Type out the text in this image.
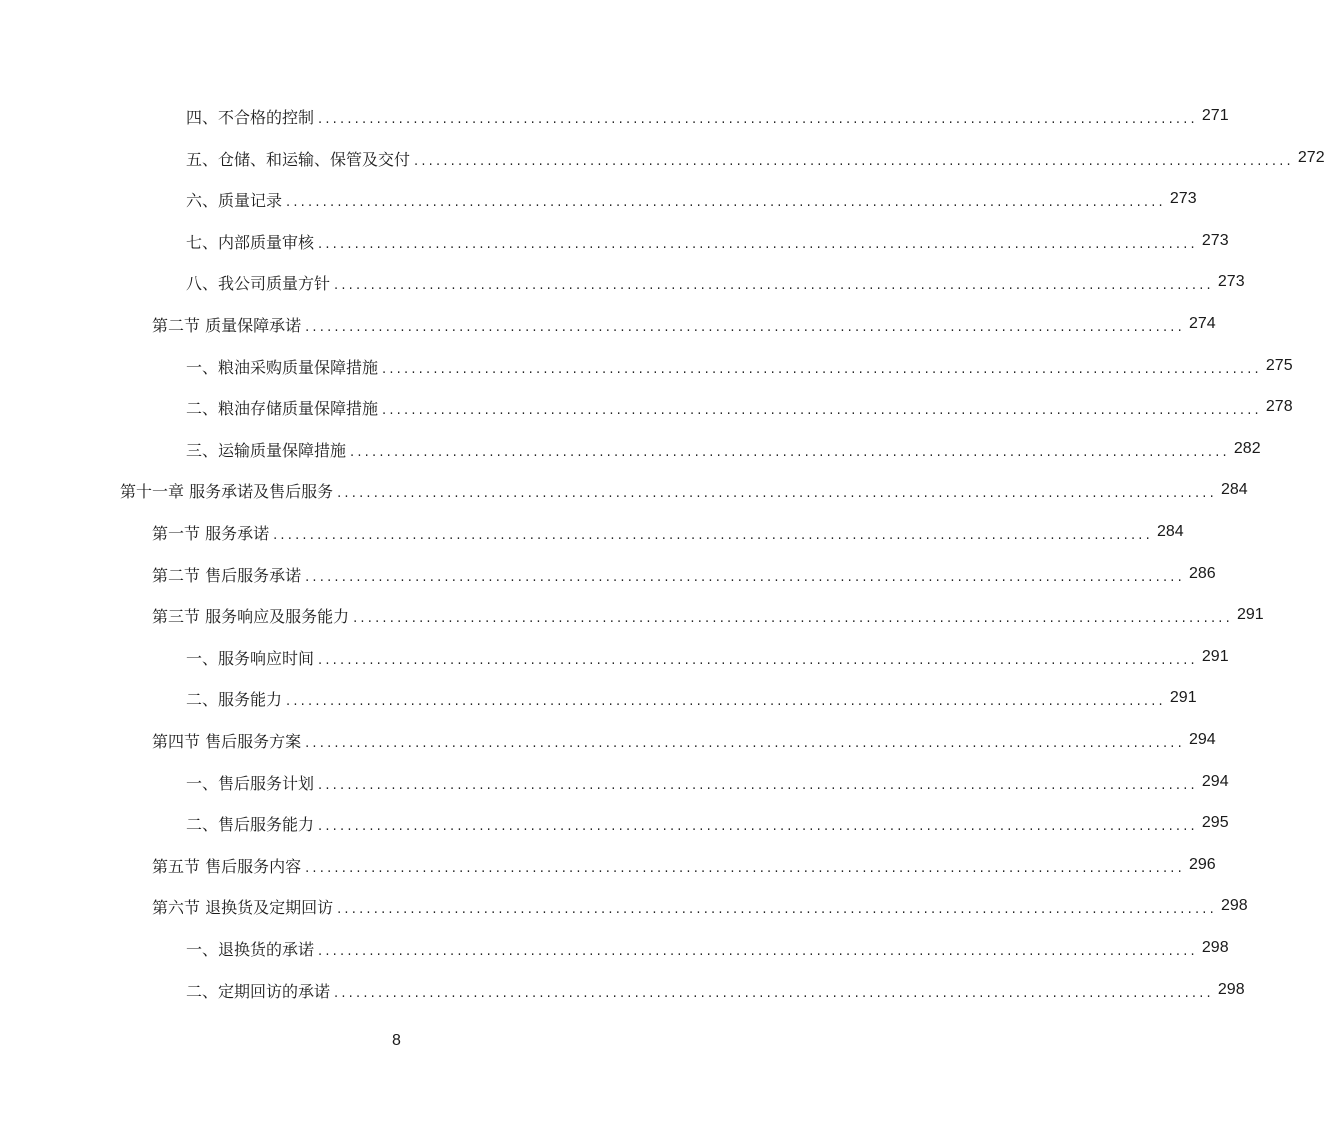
四、不合格的控制 ........................................................................................................................ 271
五、仓储、和运输、保管及交付 ........................................................................................................................ 272
六、质量记录 ........................................................................................................................ 273
七、内部质量审核 ........................................................................................................................ 273
八、我公司质量方针 ........................................................................................................................ 273
第二节 质量保障承诺 ........................................................................................................................ 274
一、粮油采购质量保障措施 ........................................................................................................................ 275
二、粮油存储质量保障措施 ........................................................................................................................ 278
三、运输质量保障措施 ........................................................................................................................ 282
第十一章 服务承诺及售后服务 ........................................................................................................................ 284
第一节 服务承诺 ........................................................................................................................ 284
第二节 售后服务承诺 ........................................................................................................................ 286
第三节 服务响应及服务能力 ........................................................................................................................ 291
一、服务响应时间 ........................................................................................................................ 291
二、服务能力 ........................................................................................................................ 291
第四节 售后服务方案 ........................................................................................................................ 294
一、售后服务计划 ........................................................................................................................ 294
二、售后服务能力 ........................................................................................................................ 295
第五节 售后服务内容 ........................................................................................................................ 296
第六节 退换货及定期回访 ........................................................................................................................ 298
一、退换货的承诺 ........................................................................................................................ 298
二、定期回访的承诺 ........................................................................................................................ 298
8
